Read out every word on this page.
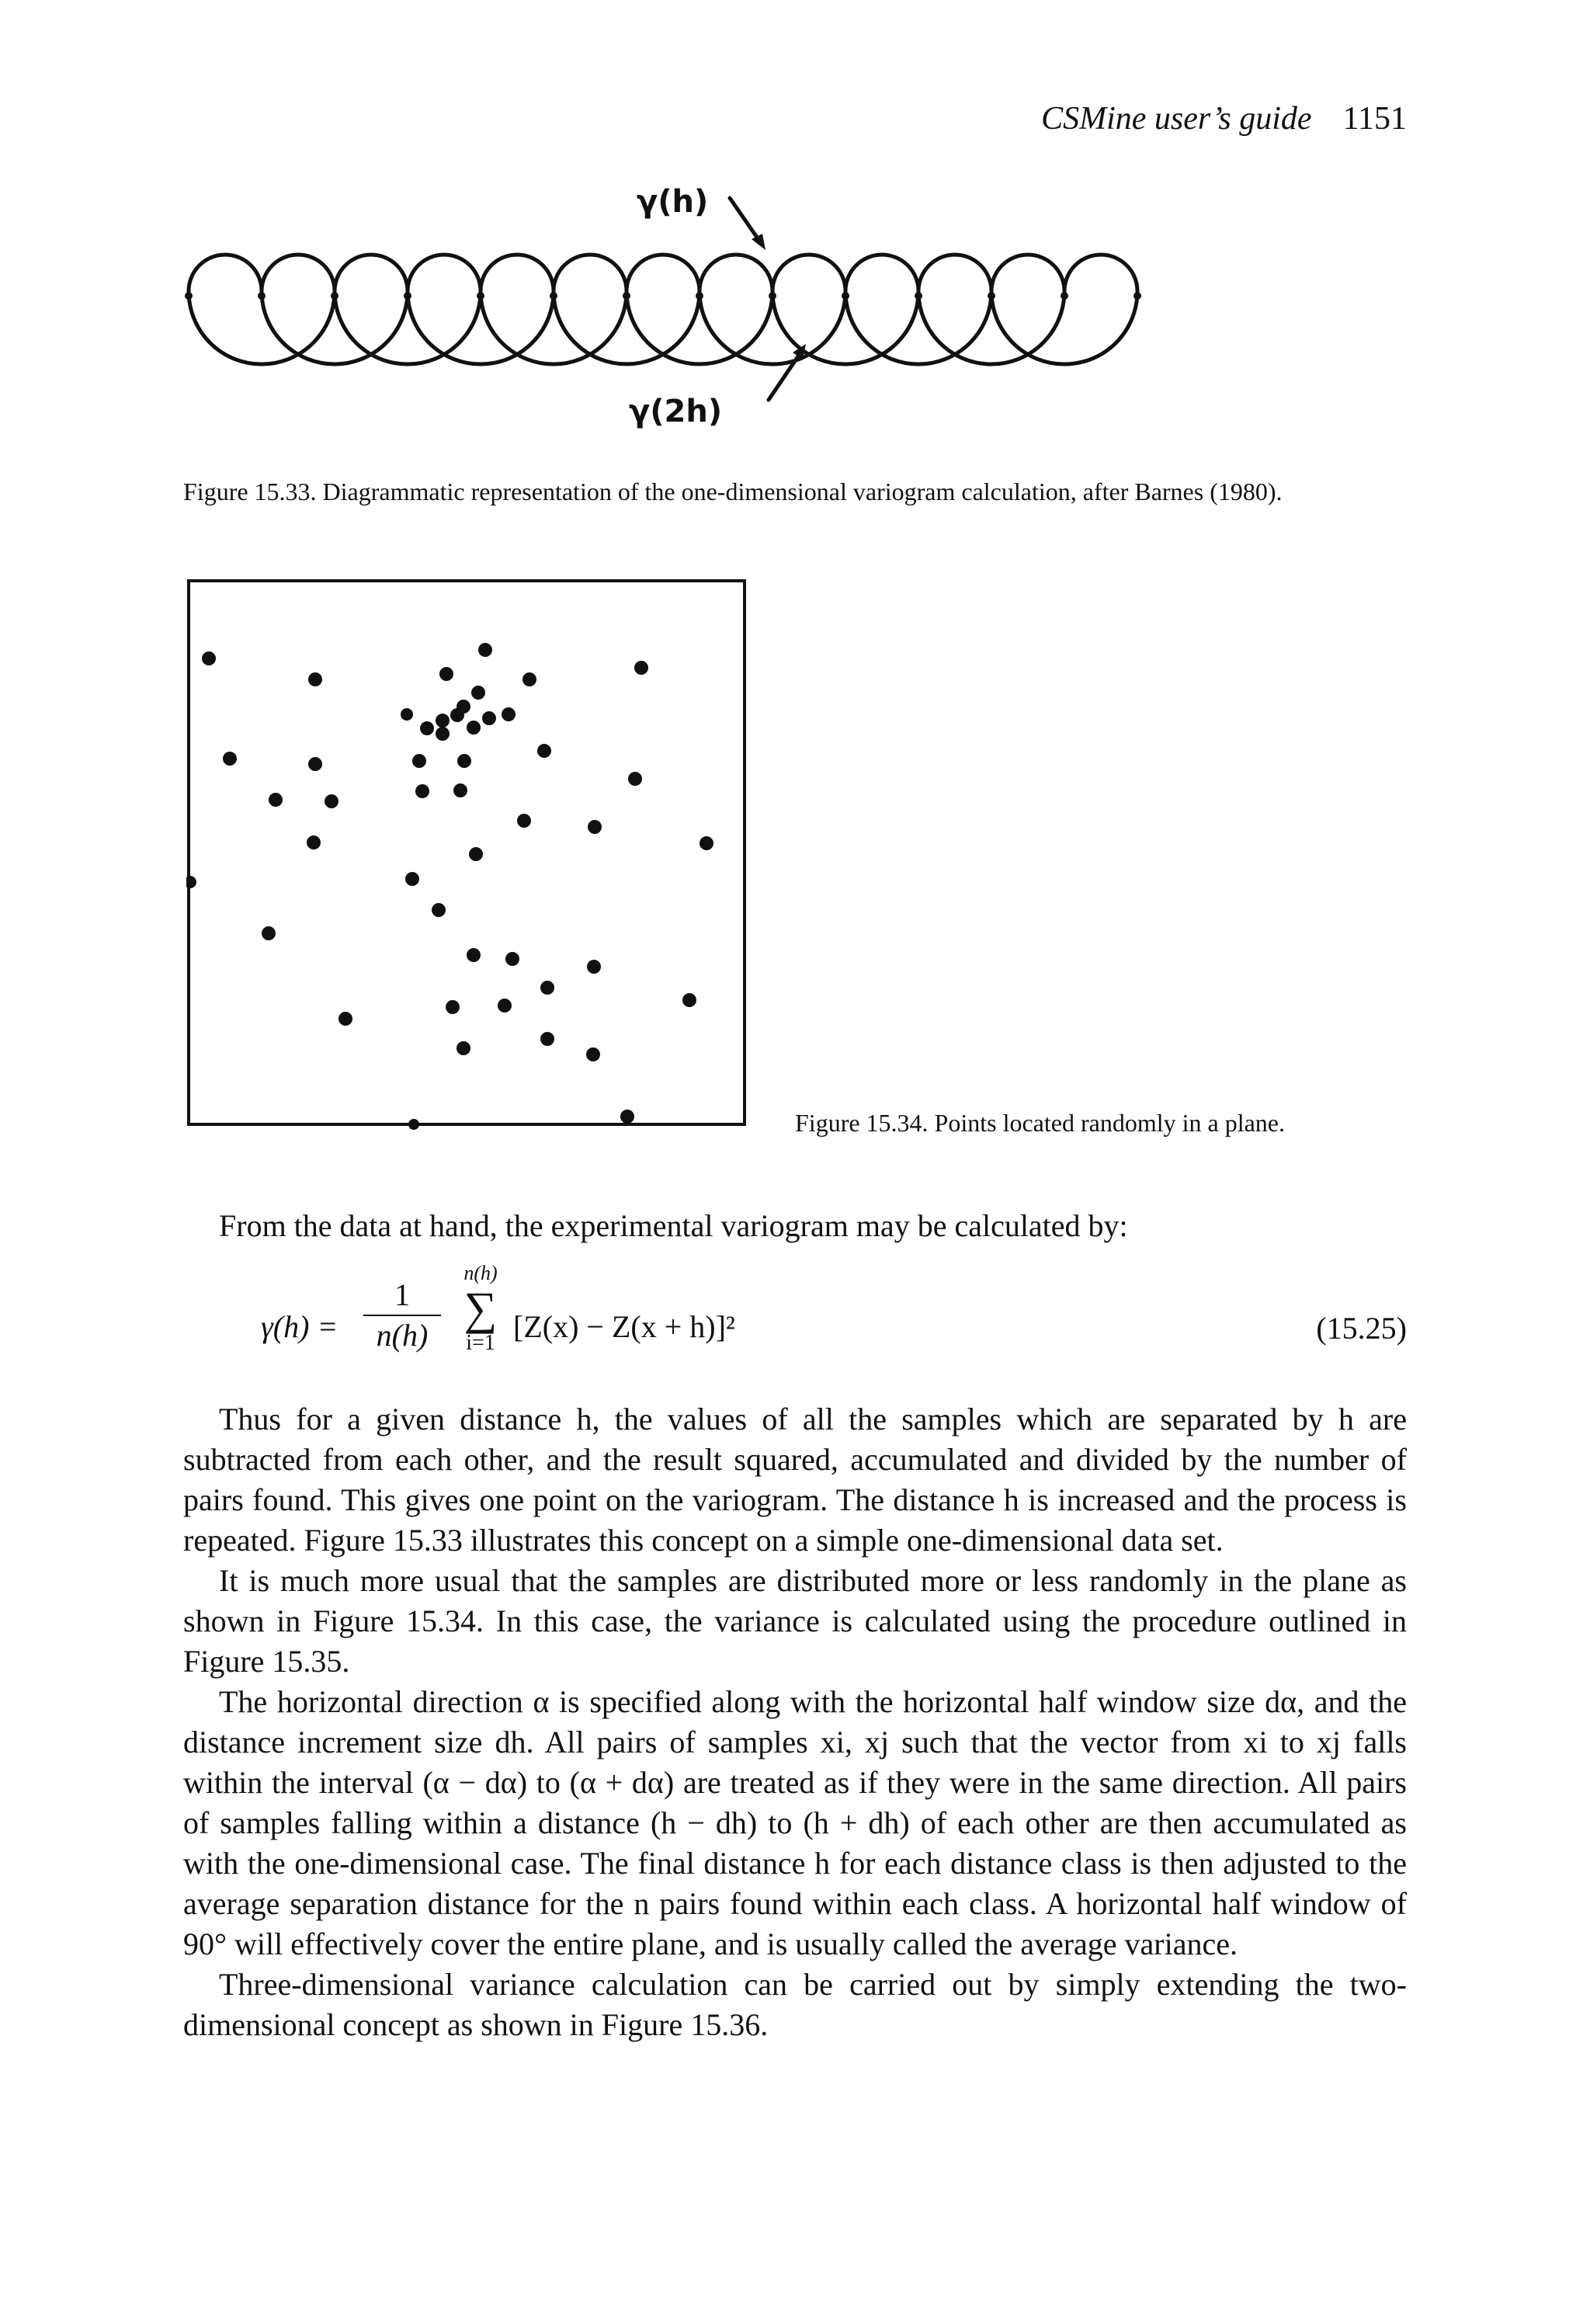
CSMine user’s guide 1151
γ(h)
γ(2h)
Figure 15.33. Diagrammatic representation of the one-dimensional variogram calculation, after Barnes (1980).
Figure 15.34. Points located randomly in a plane.

From the data at hand, the experimental variogram may be calculated by:

γ(h) =
1
n(h)
n(h)
∑
i=1 [Z(x) − Z(x + h)]²	(15.25)

Thus for a given distance h, the values of all the samples which are separated by h are subtracted from each other, and the result squared, accumulated and divided by the number of pairs found. This gives one point on the variogram. The distance h is increased and the process is repeated. Figure 15.33 illustrates this concept on a simple one-dimensional data set.

It is much more usual that the samples are distributed more or less randomly in the plane as shown in Figure 15.34. In this case, the variance is calculated using the procedure outlined in Figure 15.35.

The horizontal direction α is specified along with the horizontal half window size dα, and the distance increment size dh. All pairs of samples xi, xj such that the vector from xi to xj falls within the interval (α − dα) to (α + dα) are treated as if they were in the same direction. All pairs of samples falling within a distance (h − dh) to (h + dh) of each other are then accumulated as with the one-dimensional case. The final distance h for each distance class is then adjusted to the average separation distance for the n pairs found within each class. A horizontal half window of 90° will effectively cover the entire plane, and is usually called the average variance.

Three-dimensional variance calculation can be carried out by simply extending the two-dimensional concept as shown in Figure 15.36.
